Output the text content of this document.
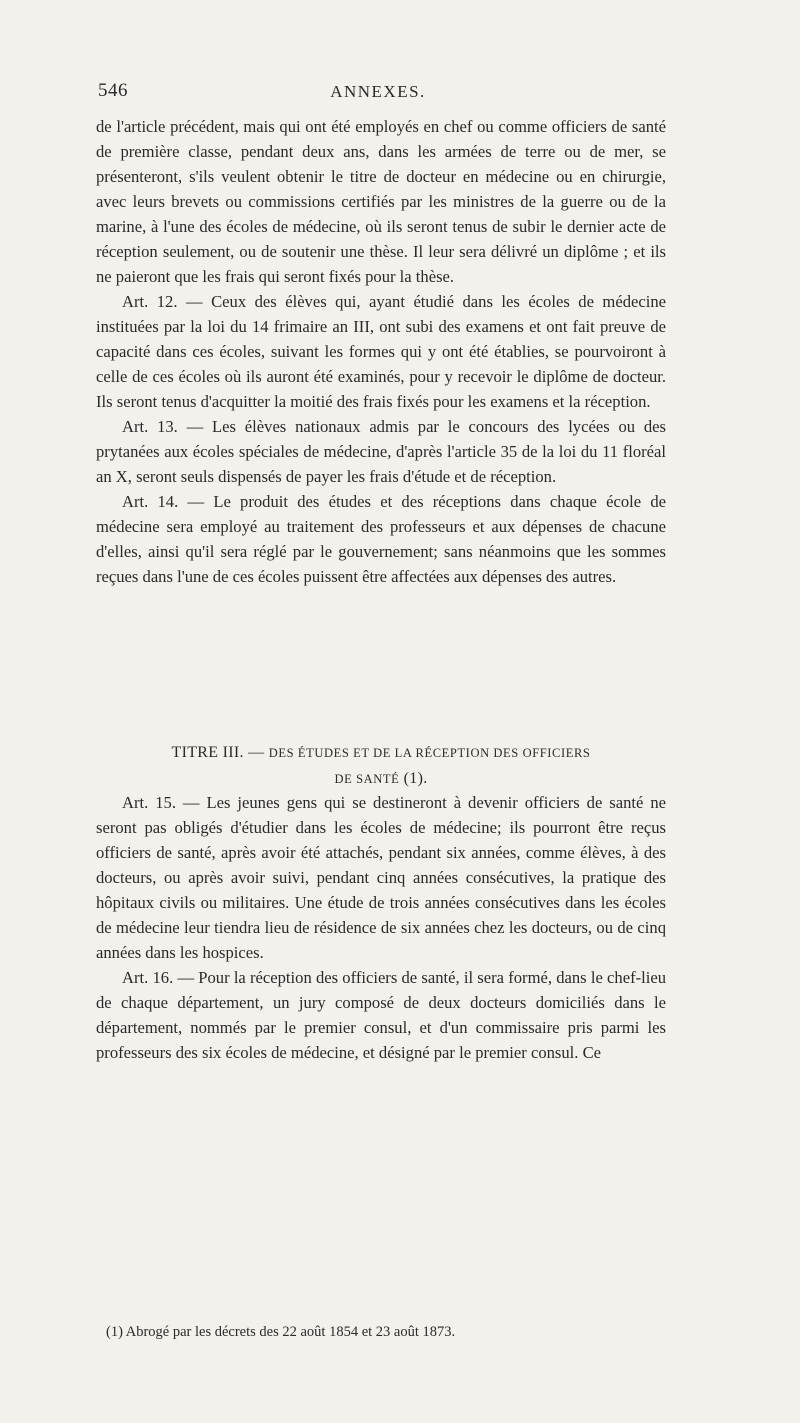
546	ANNEXES.

de l'article précédent, mais qui ont été employés en chef ou comme officiers de santé de première classe, pendant deux ans, dans les armées de terre ou de mer, se présenteront, s'ils veulent obtenir le titre de docteur en médecine ou en chirurgie, avec leurs brevets ou commissions certifiés par les ministres de la guerre ou de la marine, à l'une des écoles de médecine, où ils seront tenus de subir le dernier acte de réception seulement, ou de soutenir une thèse. Il leur sera délivré un diplôme ; et ils ne paieront que les frais qui seront fixés pour la thèse.

Art. 12. — Ceux des élèves qui, ayant étudié dans les écoles de médecine instituées par la loi du 14 frimaire an III, ont subi des examens et ont fait preuve de capacité dans ces écoles, suivant les formes qui y ont été établies, se pourvoiront à celle de ces écoles où ils auront été examinés, pour y recevoir le diplôme de docteur. Ils seront tenus d'acquitter la moitié des frais fixés pour les examens et la réception.

Art. 13. — Les élèves nationaux admis par le concours des lycées ou des prytanées aux écoles spéciales de médecine, d'après l'article 35 de la loi du 11 floréal an X, seront seuls dispensés de payer les frais d'étude et de réception.

Art. 14. — Le produit des études et des réceptions dans chaque école de médecine sera employé au traitement des professeurs et aux dépenses de chacune d'elles, ainsi qu'il sera réglé par le gouvernement; sans néanmoins que les sommes reçues dans l'une de ces écoles puissent être affectées aux dépenses des autres.

TITRE III. — DES ÉTUDES ET DE LA RÉCEPTION DES OFFICIERS
DE SANTÉ (1).

Art. 15. — Les jeunes gens qui se destineront à devenir officiers de santé ne seront pas obligés d'étudier dans les écoles de médecine; ils pourront être reçus officiers de santé, après avoir été attachés, pendant six années, comme élèves, à des docteurs, ou après avoir suivi, pendant cinq années consécutives, la pratique des hôpitaux civils ou militaires. Une étude de trois années consécutives dans les écoles de médecine leur tiendra lieu de résidence de six années chez les docteurs, ou de cinq années dans les hospices.

Art. 16. — Pour la réception des officiers de santé, il sera formé, dans le chef-lieu de chaque département, un jury composé de deux docteurs domiciliés dans le département, nommés par le premier consul, et d'un commissaire pris parmi les professeurs des six écoles de médecine, et désigné par le premier consul. Ce

(1) Abrogé par les décrets des 22 août 1854 et 23 août 1873.
